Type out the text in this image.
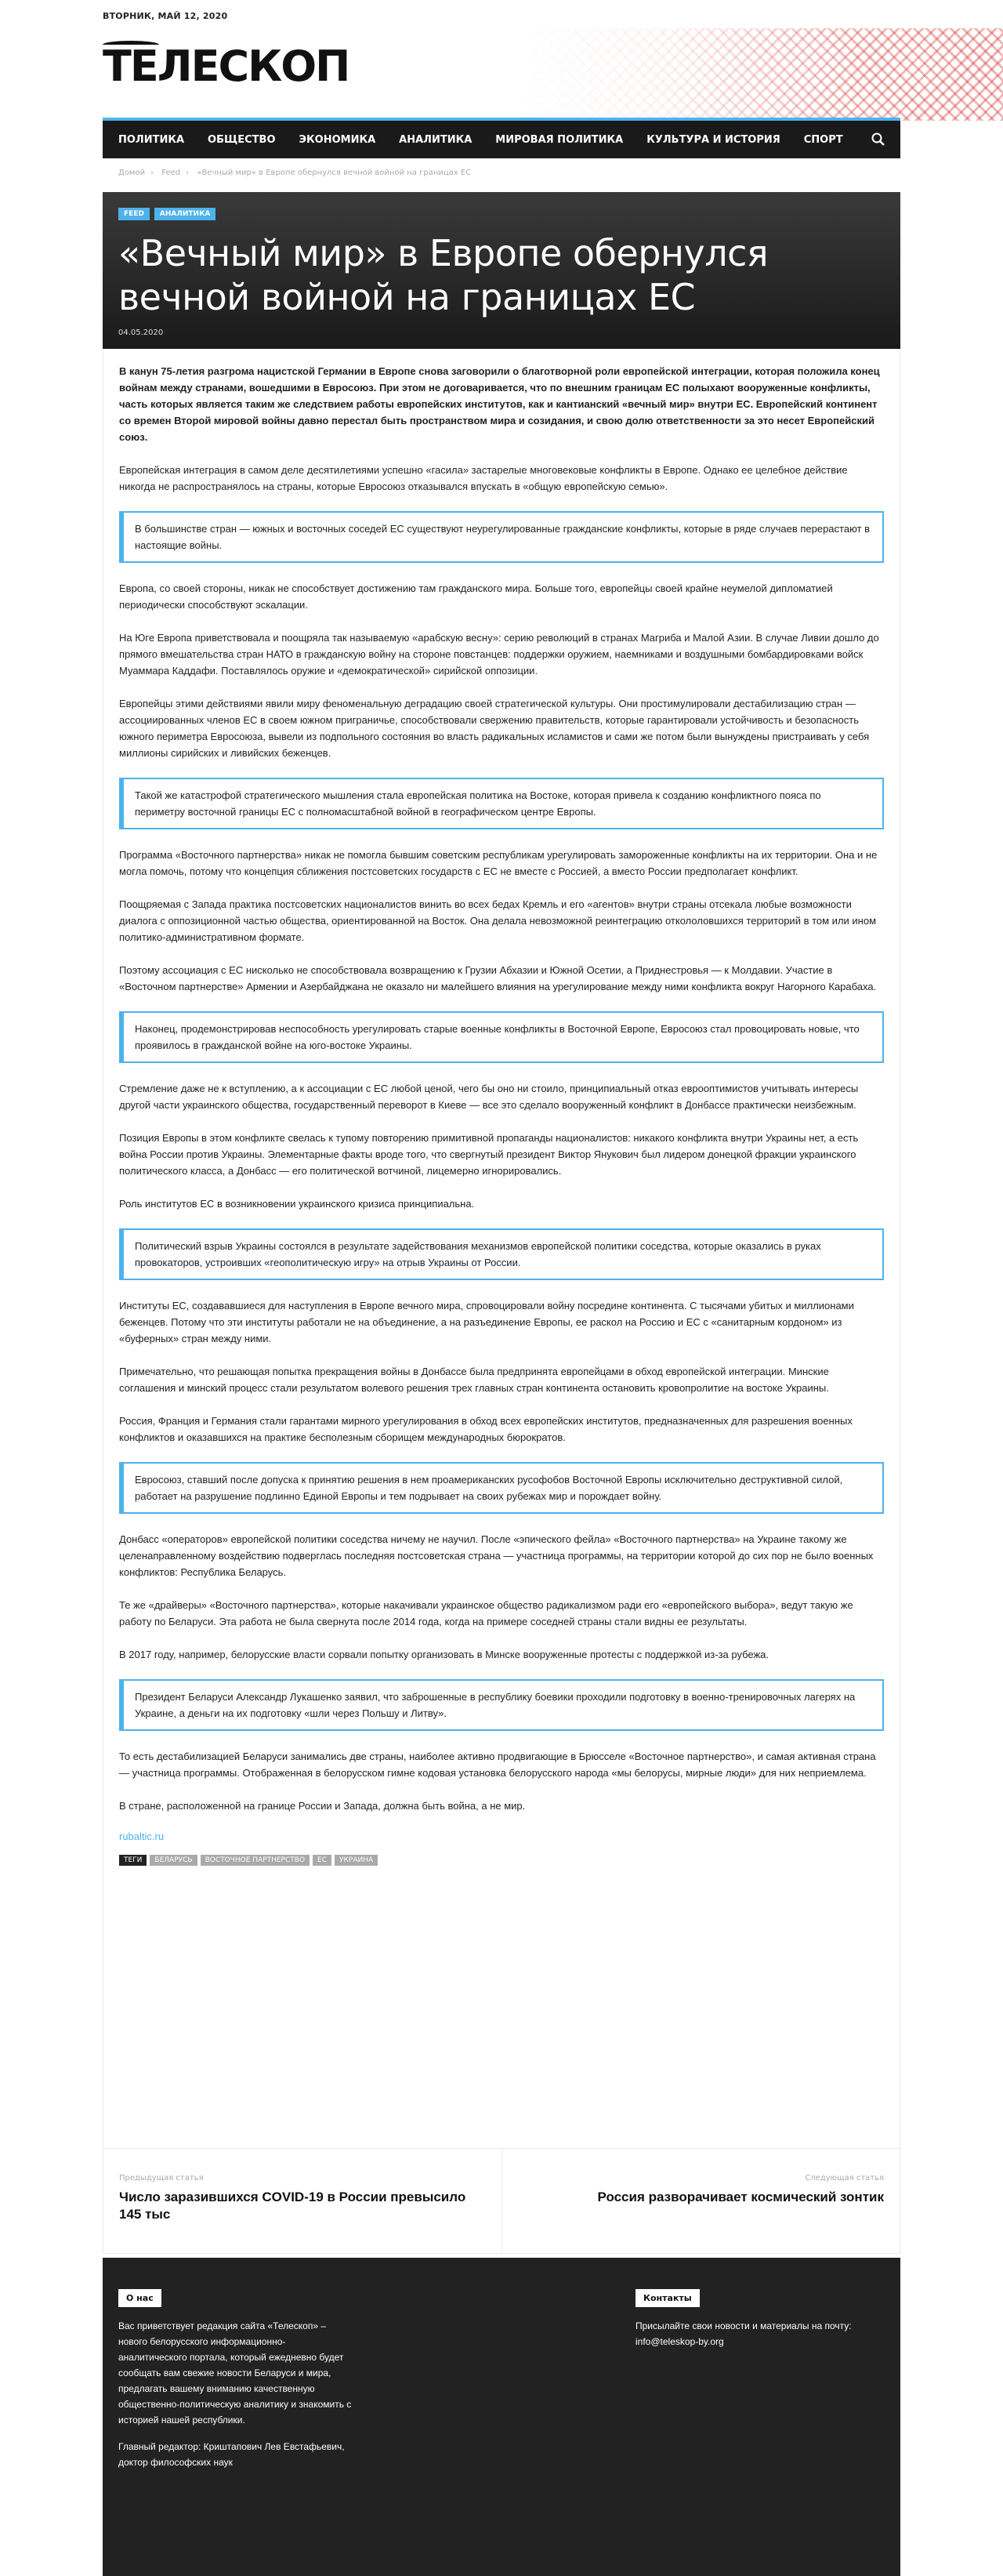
ВТОРНИК, МАЙ 12, 2020
ТЕЛЕСКОП
ПОЛИТИКА ОБЩЕСТВО ЭКОНОМИКА АНАЛИТИКА МИРОВАЯ ПОЛИТИКА КУЛЬТУРА И ИСТОРИЯ СПОРТ
Домой › Feed › «Вечный мир» в Европе обернулся вечной войной на границах ЕС
FEED	АНАЛИТИКА
«Вечный мир» в Европе обернулся вечной войной на границах ЕС
04.05.2020

В канун 75-летия разгрома нацистской Германии в Европе снова заговорили о благотворной роли европейской интеграции, которая положила конец войнам между странами, вошедшими в Евросоюз. При этом не договаривается, что по внешним границам ЕС полыхают вооруженные конфликты, часть которых является таким же следствием работы европейских институтов, как и кантианский «вечный мир» внутри ЕС. Европейский континент со времен Второй мировой войны давно перестал быть пространством мира и созидания, и свою долю ответственности за это несет Европейский союз.

Европейская интеграция в самом деле десятилетиями успешно «гасила» застарелые многовековые конфликты в Европе. Однако ее целебное действие никогда не распространялось на страны, которые Евросоюз отказывался впускать в «общую европейскую семью».

В большинстве стран — южных и восточных соседей ЕС существуют неурегулированные гражданские конфликты, которые в ряде случаев перерастают в настоящие войны.

Европа, со своей стороны, никак не способствует достижению там гражданского мира. Больше того, европейцы своей крайне неумелой дипломатией периодически способствуют эскалации.

На Юге Европа приветствовала и поощряла так называемую «арабскую весну»: серию революций в странах Магриба и Малой Азии. В случае Ливии дошло до прямого вмешательства стран НАТО в гражданскую войну на стороне повстанцев: поддержки оружием, наемниками и воздушными бомбардировками войск Муаммара Каддафи. Поставлялось оружие и «демократической» сирийской оппозиции.

Европейцы этими действиями явили миру феноменальную деградацию своей стратегической культуры. Они простимулировали дестабилизацию стран — ассоциированных членов ЕС в своем южном приграничье, способствовали свержению правительств, которые гарантировали устойчивость и безопасность южного периметра Евросоюза, вывели из подпольного состояния во власть радикальных исламистов и сами же потом были вынуждены пристраивать у себя миллионы сирийских и ливийских беженцев.

Такой же катастрофой стратегического мышления стала европейская политика на Востоке, которая привела к созданию конфликтного пояса по периметру восточной границы ЕС с полномасштабной войной в географическом центре Европы.

Программа «Восточного партнерства» никак не помогла бывшим советским республикам урегулировать замороженные конфликты на их территории. Она и не могла помочь, потому что концепция сближения постсоветских государств с ЕС не вместе с Россией, а вместо России предполагает конфликт.

Поощряемая с Запада практика постсоветских националистов винить во всех бедах Кремль и его «агентов» внутри страны отсекала любые возможности диалога с оппозиционной частью общества, ориентированной на Восток. Она делала невозможной реинтеграцию откололовшихся территорий в том или ином политико-административном формате.

Поэтому ассоциация с ЕС нисколько не способствовала возвращению к Грузии Абхазии и Южной Осетии, а Приднестровья — к Молдавии. Участие в «Восточном партнерстве» Армении и Азербайджана не оказало ни малейшего влияния на урегулирование между ними конфликта вокруг Нагорного Карабаха.

Наконец, продемонстрировав неспособность урегулировать старые военные конфликты в Восточной Европе, Евросоюз стал провоцировать новые, что проявилось в гражданской войне на юго-востоке Украины.

Стремление даже не к вступлению, а к ассоциации с ЕС любой ценой, чего бы оно ни стоило, принципиальный отказ евроoптимистов учитывать интересы другой части украинского общества, государственный переворот в Киеве — все это сделало вооруженный конфликт в Донбассе практически неизбежным.

Позиция Европы в этом конфликте свелась к тупому повторению примитивной пропаганды националистов: никакого конфликта внутри Украины нет, а есть война России против Украины. Элементарные факты вроде того, что свергнутый президент Виктор Янукович был лидером донецкой фракции украинского политического класса, а Донбасс — его политической вотчиной, лицемерно игнорировались.

Роль институтов ЕС в возникновении украинского кризиса принципиальна.

Политический взрыв Украины состоялся в результате задействования механизмов европейской политики соседства, которые оказались в руках провокаторов, устроивших «геополитическую игру» на отрыв Украины от России.

Институты ЕС, создававшиеся для наступления в Европе вечного мира, спровоцировали войну посредине континента. С тысячами убитых и миллионами беженцев. Потому что эти институты работали не на объединение, а на разъединение Европы, ее раскол на Россию и ЕС с «санитарным кордоном» из «буферных» стран между ними.

Примечательно, что решающая попытка прекращения войны в Донбассе была предпринята европейцами в обход европейской интеграции. Минские соглашения и минский процесс стали результатом волевого решения трех главных стран континента остановить кровопролитие на востоке Украины.

Россия, Франция и Германия стали гарантами мирного урегулирования в обход всех европейских институтов, предназначенных для разрешения военных конфликтов и оказавшихся на практике бесполезным сборищем международных бюрократов.

Евросоюз, ставший после допуска к принятию решения в нем проамериканских русофобов Восточной Европы исключительно деструктивной силой, работает на разрушение подлинно Единой Европы и тем подрывает на своих рубежах мир и порождает войну.

Донбасс «операторов» европейской политики соседства ничему не научил. После «эпического фейла» «Восточного партнерства» на Украине такому же целенаправленному воздействию подверглась последняя постсоветская страна — участница программы, на территории которой до сих пор не было военных конфликтов: Республика Беларусь.

Те же «драйверы» «Восточного партнерства», которые накачивали украинское общество радикализмом ради его «европейского выбора», ведут такую же работу по Беларуси. Эта работа не была свернута после 2014 года, когда на примере соседней страны стали видны ее результаты.

В 2017 году, например, белорусские власти сорвали попытку организовать в Минске вооруженные протесты с поддержкой из-за рубежа.

Президент Беларуси Александр Лукашенко заявил, что заброшенные в республику боевики проходили подготовку в военно-тренировочных лагерях на Украине, а деньги на их подготовку «шли через Польшу и Литву».

То есть дестабилизацией Беларуси занимались две страны, наиболее активно продвигающие в Брюсселе «Восточное партнерство», и самая активная страна — участница программы. Отображенная в белорусском гимне кодовая установка белорусского народа «мы белорусы, мирные люди» для них неприемлема.

В стране, расположенной на границе России и Запада, должна быть война, а не мир.

rubaltic.ru
ТЕГИ	БЕЛАРУСЬ	ВОСТОЧНОЕ ПАРТНЕРСТВО	ЕС	УКРАИНА
Предыдущая статья
Число заразившихся COVID-19 в России превысило 145 тыс
Следующая статья
Россия разворачивает космический зонтик
О нас

Вас приветствует редакция сайта «Телескоп» – нового белорусского информационно-аналитического портала, который ежедневно будет сообщать вам свежие новости Беларуси и мира, предлагать вашему вниманию качественную общественно-политическую аналитику и знакомить с историей нашей республики.

Главный редактор: Криштапович Лев Евстафьевич, доктор философских наук

Контакты

Присылайте свои новости и материалы на почту: info@teleskop-by.org
